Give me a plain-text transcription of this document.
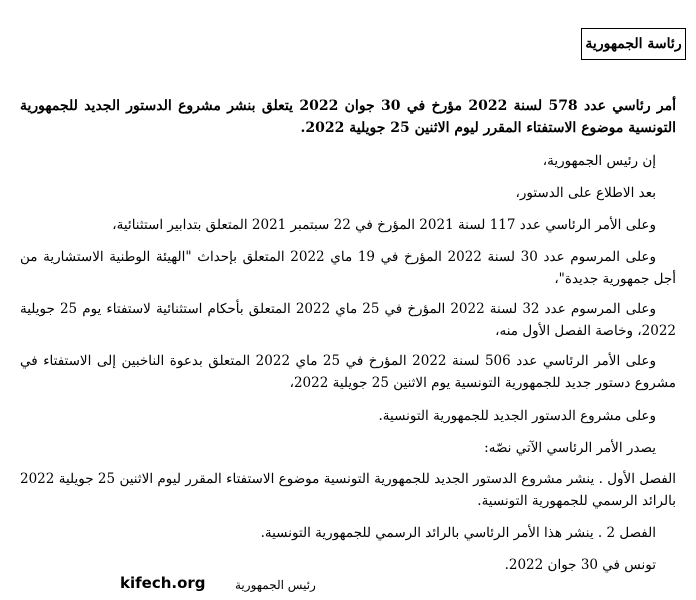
رئاسة الجمهورية
أمر رئاسي عدد 578 لسنة 2022 مؤرخ في 30 جوان 2022 يتعلق بنشر مشروع الدستور الجديد للجمهورية التونسية موضوع الاستفتاء المقرر ليوم الاثنين 25 جويلية 2022.
إن رئيس الجمهورية،
بعد الاطلاع على الدستور،
وعلى الأمر الرئاسي عدد 117 لسنة 2021 المؤرخ في 22 سبتمبر 2021 المتعلق بتدابير استثنائية،
وعلى المرسوم عدد 30 لسنة 2022 المؤرخ في 19 ماي 2022 المتعلق بإحداث "الهيئة الوطنية الاستشارية من أجل جمهورية جديدة"،
وعلى المرسوم عدد 32 لسنة 2022 المؤرخ في 25 ماي 2022 المتعلق بأحكام استثنائية لاستفتاء يوم 25 جويلية 2022، وخاصة الفصل الأول منه،
وعلى الأمر الرئاسي عدد 506 لسنة 2022 المؤرخ في 25 ماي 2022 المتعلق بدعوة الناخبين إلى الاستفتاء في مشروع دستور جديد للجمهورية التونسية يوم الاثنين 25 جويلية 2022،
وعلى مشروع الدستور الجديد للجمهورية التونسية.
يصدر الأمر الرئاسي الآتي نصّه:
الفصل الأول . ينشر مشروع الدستور الجديد للجمهورية التونسية موضوع الاستفتاء المقرر ليوم الاثنين 25 جويلية 2022 بالرائد الرسمي للجمهورية التونسية.
الفصل 2 . ينشر هذا الأمر الرئاسي بالرائد الرسمي للجمهورية التونسية.
تونس في 30 جوان 2022.
رئيس الجمهورية
kifech.org
